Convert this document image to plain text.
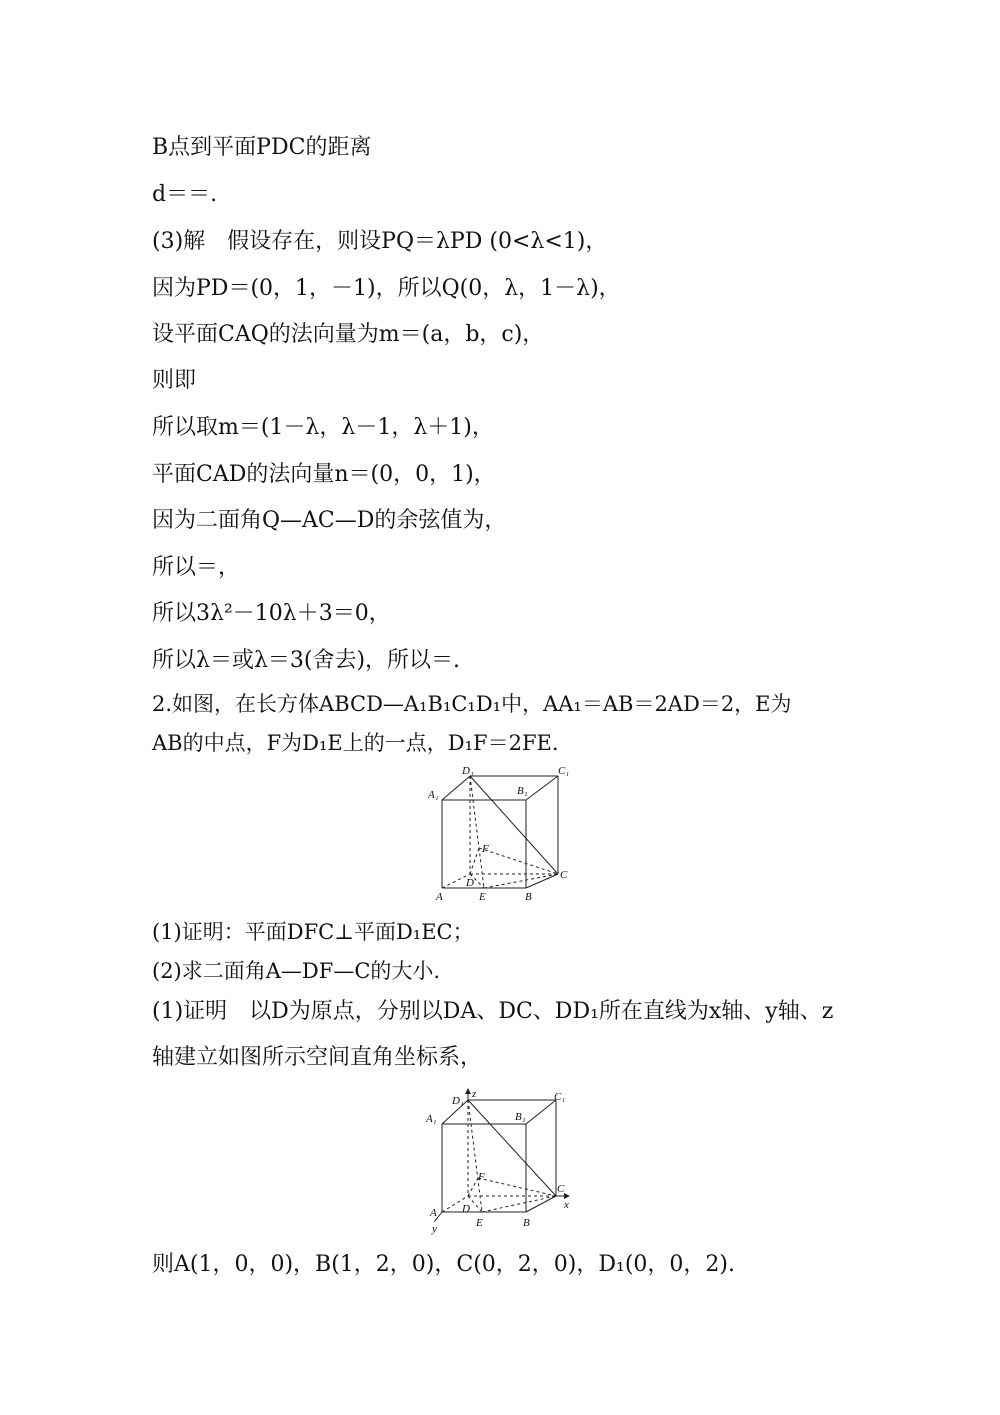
B点到平面PDC的距离
d＝＝.
(3)解　假设存在，则设PQ＝λPD (0<λ<1)，
因为PD＝(0，1，－1)，所以Q(0，λ，1－λ)，
设平面CAQ的法向量为m＝(a，b，c)，
则即
所以取m＝(1－λ，λ－1，λ＋1)，
平面CAD的法向量n＝(0，0，1)，
因为二面角Q—AC—D的余弦值为，
所以＝，
所以3λ²－10λ＋3＝0，
所以λ＝或λ＝3(舍去)，所以＝.
2.如图，在长方体ABCD—A₁B₁C₁D₁中，AA₁＝AB＝2AD＝2，E为
AB的中点，F为D₁E上的一点，D₁F＝2FE.
D₁	C₁
A₁	B₁
F
C
D
A	E	B
(1)证明：平面DFC⊥平面D₁EC；
(2)求二面角A—DF—C的大小.
(1)证明　以D为原点，分别以DA、DC、DD₁所在直线为x轴、y轴、z
轴建立如图所示空间直角坐标系，
D₁
z	C₁
A₁	B₁
F
C
x
A D
E	B
y
则A(1，0，0)，B(1，2，0)，C(0，2，0)，D₁(0，0，2).
